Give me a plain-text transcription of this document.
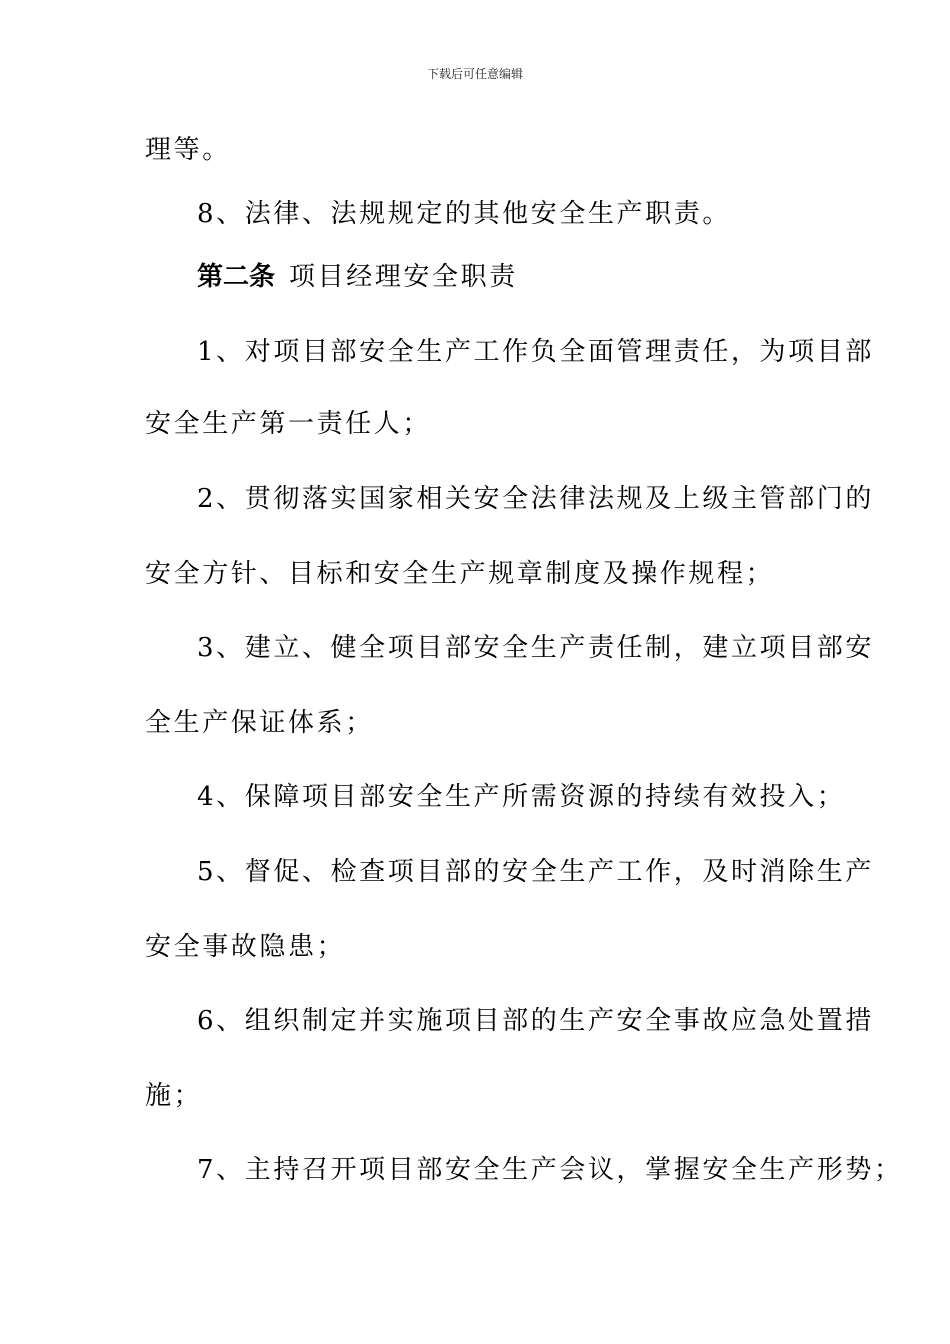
下载后可任意编辑
理等。
8、法律、法规规定的其他安全生产职责。
第二条 项目经理安全职责
1、对项目部安全生产工作负全面管理责任，为项目部
安全生产第一责任人；
2、贯彻落实国家相关安全法律法规及上级主管部门的
安全方针、目标和安全生产规章制度及操作规程；
3、建立、健全项目部安全生产责任制，建立项目部安
全生产保证体系；
4、保障项目部安全生产所需资源的持续有效投入；
5、督促、检查项目部的安全生产工作，及时消除生产
安全事故隐患；
6、组织制定并实施项目部的生产安全事故应急处置措
施；
7、主持召开项目部安全生产会议，掌握安全生产形势；
